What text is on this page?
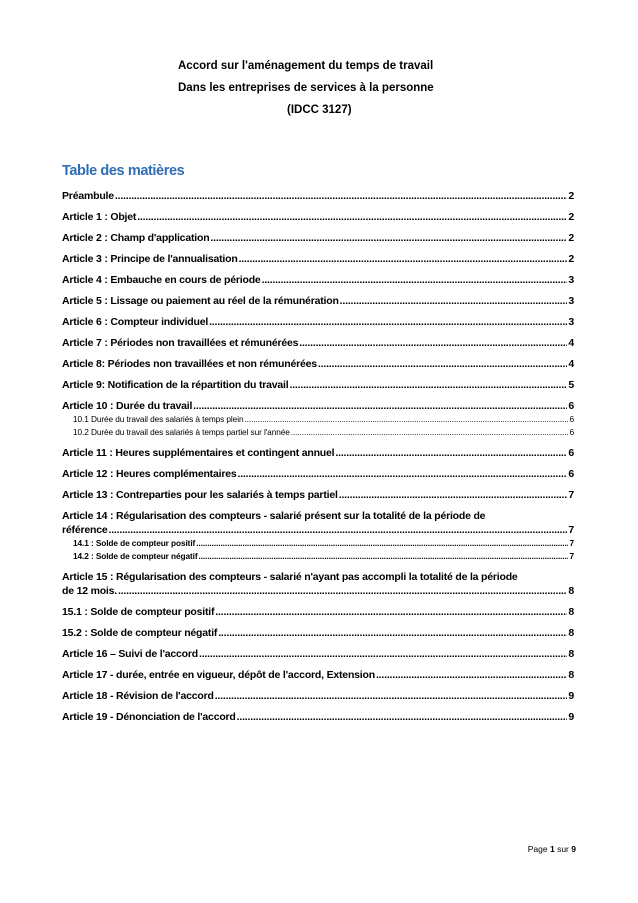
Accord sur l'aménagement du temps de travail
Dans les entreprises de services à la personne
(IDCC 3127)
Table des matières
Préambule .....	2
Article 1 : Objet .....	2
Article 2 : Champ d'application .....	2
Article 3 : Principe de l'annualisation .....	2
Article 4 : Embauche en cours de période .....	3
Article 5 : Lissage ou paiement au réel de la rémunération .....	3
Article 6 : Compteur individuel .....	3
Article 7 : Périodes non travaillées et rémunérées .....	4
Article 8: Périodes non travaillées et non rémunérées .....	4
Article 9: Notification de la répartition du travail .....	5
Article 10 : Durée du travail .....	6
10.1 Durée du travail des salariés à temps plein .....	6
10.2 Durée du travail des salariés à temps partiel sur l'année .....	6
Article 11 : Heures supplémentaires et contingent annuel .....	6
Article 12 : Heures complémentaires .....	6
Article 13 : Contreparties pour les salariés à temps partiel .....	7
Article 14 : Régularisation des compteurs - salarié présent sur la totalité de la période de
référence .....	7
14.1 : Solde de compteur positif .....	7
14.2 : Solde de compteur négatif .....	7
Article 15 : Régularisation des compteurs - salarié n'ayant pas accompli la totalité de la période
de 12 mois. .....	8
15.1 : Solde de compteur positif .....	8
15.2 : Solde de compteur négatif .....	8
Article 16 – Suivi de l'accord .....	8
Article 17 - durée, entrée en vigueur, dépôt de l'accord, Extension .....	8
Article 18 - Révision de l'accord .....	9
Article 19 - Dénonciation de l'accord .....	9
Page 1 sur 9
